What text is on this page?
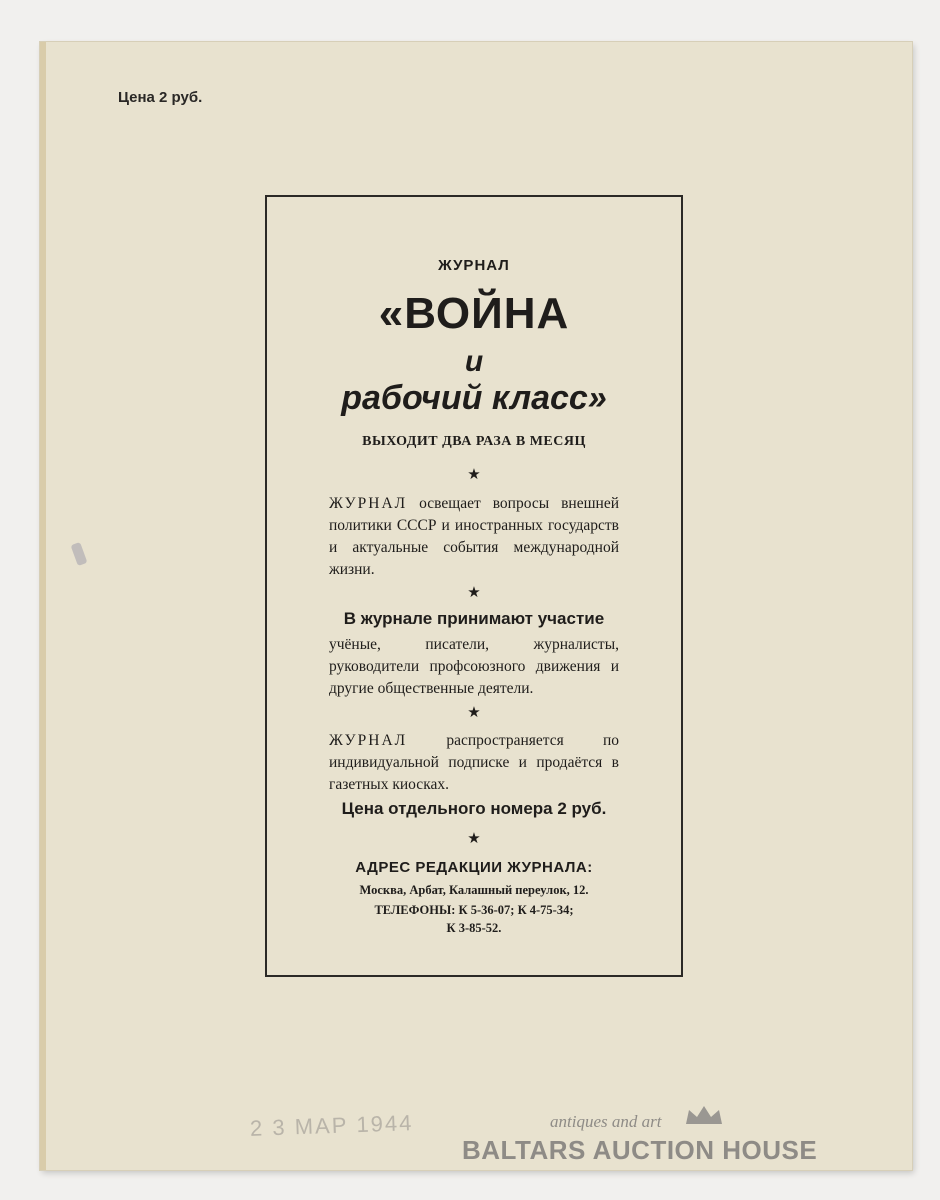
Цена 2 руб.
ЖУРНАЛ
«ВОЙНА
и
рабочий класс»
ВЫХОДИТ ДВА РАЗА В МЕСЯЦ
★
ЖУРНАЛ освещает вопросы внешней политики СССР и иностранных государств и актуальные события международной жизни.
★
В журнале принимают участие
учёные, писатели, журналисты, руководители профсоюзного движения и другие общественные деятели.
★
ЖУРНАЛ	распространяется по индивидуальной подписке и продаётся в газетных киосках.
Цена отдельного номера 2 руб.
★
АДРЕС РЕДАКЦИИ ЖУРНАЛА:
Москва, Арбат, Калашный переулок, 12.
ТЕЛЕФОНЫ: К 5-36-07; К 4-75-34;
К 3-85-52.
2 3 МАР 1944	antiques and art
BALTARS AUCTION HOUSE
